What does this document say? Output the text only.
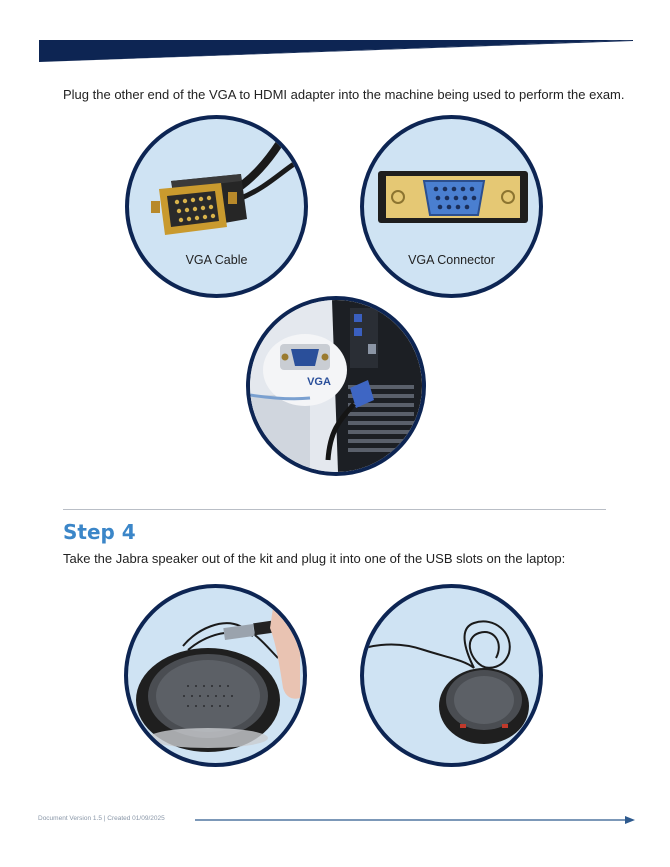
Plug the other end of the VGA to HDMI adapter into the machine being used to perform the exam.
VGA Cable	VGA Connector
VGA
Step 4
Take the Jabra speaker out of the kit and plug it into one of the USB slots on the laptop:
Document Version 1.5 | Created 01/09/2025
